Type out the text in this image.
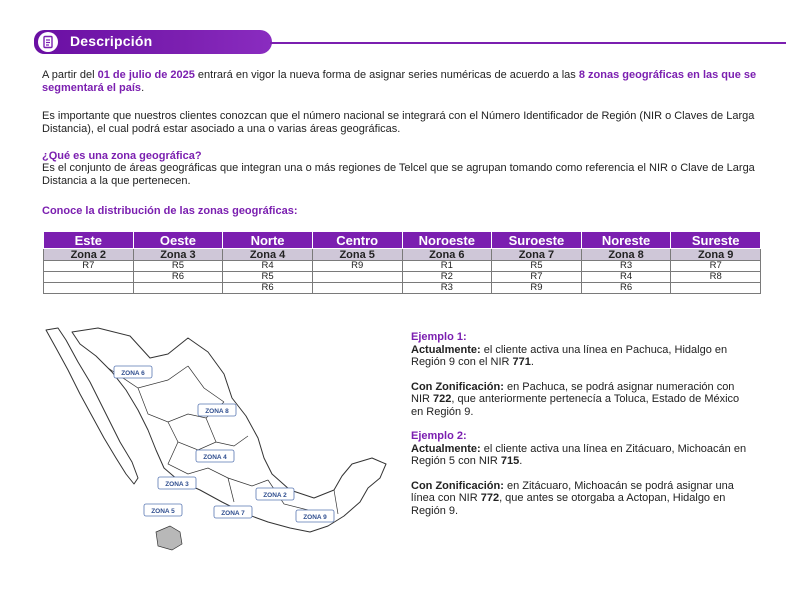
Descripción

A partir del 01 de julio de 2025 entrará en vigor la nueva forma de asignar series numéricas de acuerdo a las 8 zonas geográficas en las que se segmentará el país.

Es importante que nuestros clientes conozcan que el número nacional se integrará con el Número Identificador de Región (NIR o Claves de Larga Distancia), el cual podrá estar asociado a una o varias áreas geográficas.

¿Qué es una zona geográfica?

Es el conjunto de áreas geográficas que integran una o más regiones de Telcel que se agrupan tomando como referencia el NIR o Clave de Larga Distancia a la que pertenecen.

Conoce la distribución de las zonas geográficas:
Este	Oeste	Norte	Centro	Noroeste	Suroeste	Noreste	Sureste
Zona 2	Zona 3	Zona 4	Zona 5	Zona 6	Zona 7	Zona 8	Zona 9
R7	R5	R4	R9	R1	R5	R3	R7
	R6	R5		R2	R7	R4	R8
		R6		R3	R9	R6	
ZONA 6
ZONA 8
ZONA 4
ZONA 3
ZONA 2
ZONA 7
ZONA 5
ZONA 9

Ejemplo 1:

Actualmente: el cliente activa una línea en Pachuca, Hidalgo en Región 9 con el NIR 771.

Con Zonificación: en Pachuca, se podrá asignar numeración con NIR 722, que anteriormente pertenecía a Toluca, Estado de México en Región 9.

Ejemplo 2:

Actualmente: el cliente activa una línea en Zitácuaro, Michoacán en Región 5 con NIR 715.

Con Zonificación: en Zitácuaro, Michoacán se podrá asignar una línea con NIR 772, que antes se otorgaba a Actopan, Hidalgo en Región 9.
